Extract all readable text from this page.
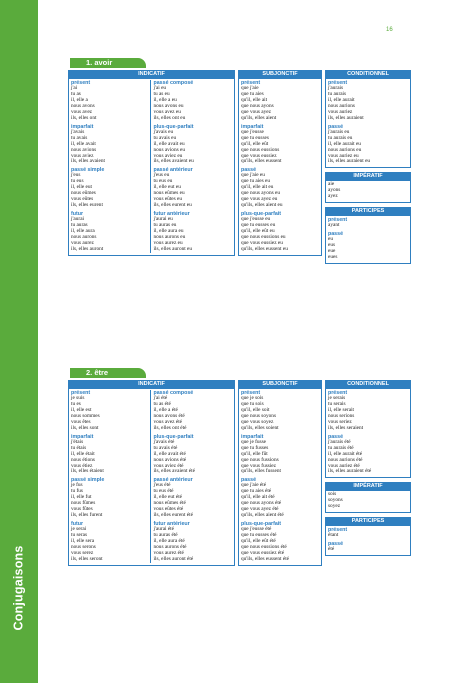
Conjugaisons
16
1. avoir
INDICATIF
présent
j'ai
tu as
il, elle a
nous avons
vous avez
ils, elles ont
imparfait
j'avais
tu avais
il, elle avait
nous avions
vous aviez
ils, elles avaient
passé simple
j'eus
tu eus
il, elle eut
nous eûmes
vous eûtes
ils, elles eurent
futur
j'aurai
tu auras
il, elle aura
nous aurons
vous aurez
ils, elles auront
passé composé
j'ai eu
tu as eu
il, elle a eu
nous avons eu
vous avez eu
ils, elles ont eu
plus-que-parfait
j'avais eu
tu avais eu
il, elle avait eu
nous avions eu
vous aviez eu
ils, elles avaient eu
passé antérieur
j'eus eu
tu eus eu
il, elle eut eu
nous eûmes eu
vous eûtes eu
ils, elles eurent eu
futur antérieur
j'aurai eu
tu auras eu
il, elle aura eu
nous aurons eu
vous aurez eu
ils, elles auront eu
SUBJONCTIF
présent
que j'aie
que tu aies
qu'il, elle ait
que nous ayons
que vous ayez
qu'ils, elles aient
imparfait
que j'eusse
que tu eusses
qu'il, elle eût
que nous eussions
que vous eussiez
qu'ils, elles eussent
passé
que j'aie eu
que tu aies eu
qu'il, elle ait eu
que nous ayons eu
que vous ayez eu
qu'ils, elles aient eu
plus-que-parfait
que j'eusse eu
que tu eusses eu
qu'il, elle eût eu
que nous eussions eu
que vous eussiez eu
qu'ils, elles eussent eu
CONDITIONNEL
présent
j'aurais
tu aurais
il, elle aurait
nous aurions
vous auriez
ils, elles auraient
passé
j'aurais eu
tu aurais eu
il, elle aurait eu
nous aurions eu
vous auriez eu
ils, elles auraient eu
IMPÉRATIF
aie
ayons
ayez
PARTICIPES
présent
ayant
passé
eu
eus
eue
eues
2. être
INDICATIF
présent
je suis
tu es
il, elle est
nous sommes
vous êtes
ils, elles sont
imparfait
j'étais
tu étais
il, elle était
nous étions
vous étiez
ils, elles étaient
passé simple
je fus
tu fus
il, elle fut
nous fûmes
vous fûtes
ils, elles furent
futur
je serai
tu seras
il, elle sera
nous serons
vous serez
ils, elles seront
passé composé
j'ai été
tu as été
il, elle a été
nous avons été
vous avez été
ils, elles ont été
plus-que-parfait
j'avais été
tu avais été
il, elle avait été
nous avions été
vous aviez été
ils, elles avaient été
passé antérieur
j'eus été
tu eus été
il, elle eut été
nous eûmes été
vous eûtes été
ils, elles eurent été
futur antérieur
j'aurai été
tu auras été
il, elle aura été
nous aurons été
vous aurez été
ils, elles auront été
SUBJONCTIF
présent
que je sois
que tu sois
qu'il, elle soit
que nous soyons
que vous soyez
qu'ils, elles soient
imparfait
que je fusse
que tu fusses
qu'il, elle fût
que nous fussions
que vous fussiez
qu'ils, elles fussent
passé
que j'aie été
que tu aies été
qu'il, elle ait été
que nous ayons été
que vous ayez été
qu'ils, elles aient été
plus-que-parfait
que j'eusse été
que tu eusses été
qu'il, elle eût été
que nous eussions été
que vous eussiez été
qu'ils, elles eussent été
CONDITIONNEL
présent
je serais
tu serais
il, elle serait
nous serions
vous seriez
ils, elles seraient
passé
j'aurais été
tu aurais été
il, elle aurait été
nous aurions été
vous auriez été
ils, elles auraient été
IMPÉRATIF
sois
soyons
soyez
PARTICIPES
présent
étant
passé
été
